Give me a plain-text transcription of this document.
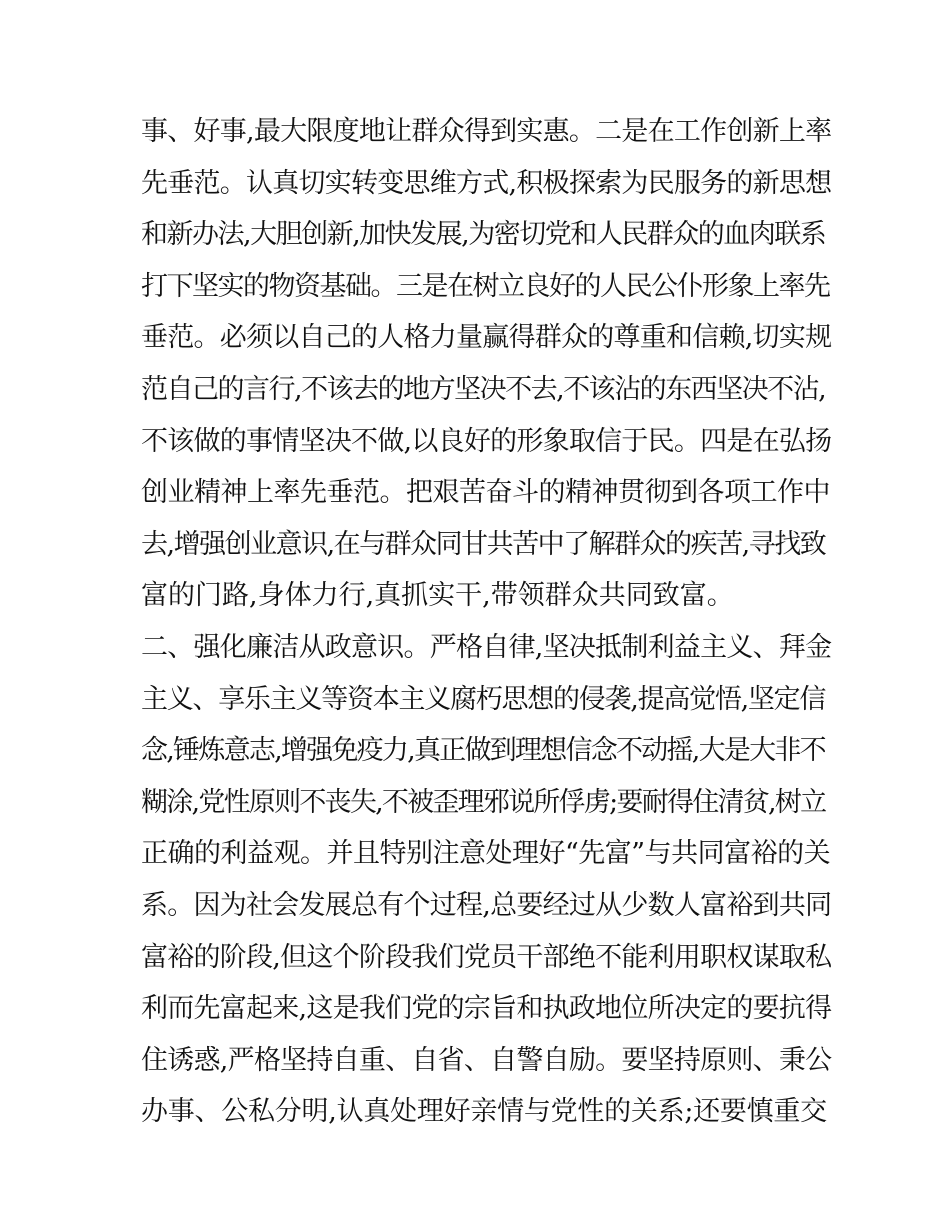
事、好事,最大限度地让群众得到实惠。二是在工作创新上率
先垂范。认真切实转变思维方式,积极探索为民服务的新思想
和新办法,大胆创新,加快发展,为密切党和人民群众的血肉联系
打下坚实的物资基础。三是在树立良好的人民公仆形象上率先
垂范。必须以自己的人格力量赢得群众的尊重和信赖,切实规
范自己的言行,不该去的地方坚决不去,不该沾的东西坚决不沾,
不该做的事情坚决不做,以良好的形象取信于民。四是在弘扬
创业精神上率先垂范。把艰苦奋斗的精神贯彻到各项工作中
去,增强创业意识,在与群众同甘共苦中了解群众的疾苦,寻找致
富的门路,身体力行,真抓实干,带领群众共同致富。
二、强化廉洁从政意识。严格自律,坚决抵制利益主义、拜金
主义、享乐主义等资本主义腐朽思想的侵袭,提高觉悟,坚定信
念,锤炼意志,增强免疫力,真正做到理想信念不动摇,大是大非不
糊涂,党性原则不丧失,不被歪理邪说所俘虏;要耐得住清贫,树立
正确的利益观。并且特别注意处理好“先富”与共同富裕的关
系。因为社会发展总有个过程,总要经过从少数人富裕到共同
富裕的阶段,但这个阶段我们党员干部绝不能利用职权谋取私
利而先富起来,这是我们党的宗旨和执政地位所决定的要抗得
住诱惑,严格坚持自重、自省、自警自励。要坚持原则、秉公
办事、公私分明,认真处理好亲情与党性的关系;还要慎重交
